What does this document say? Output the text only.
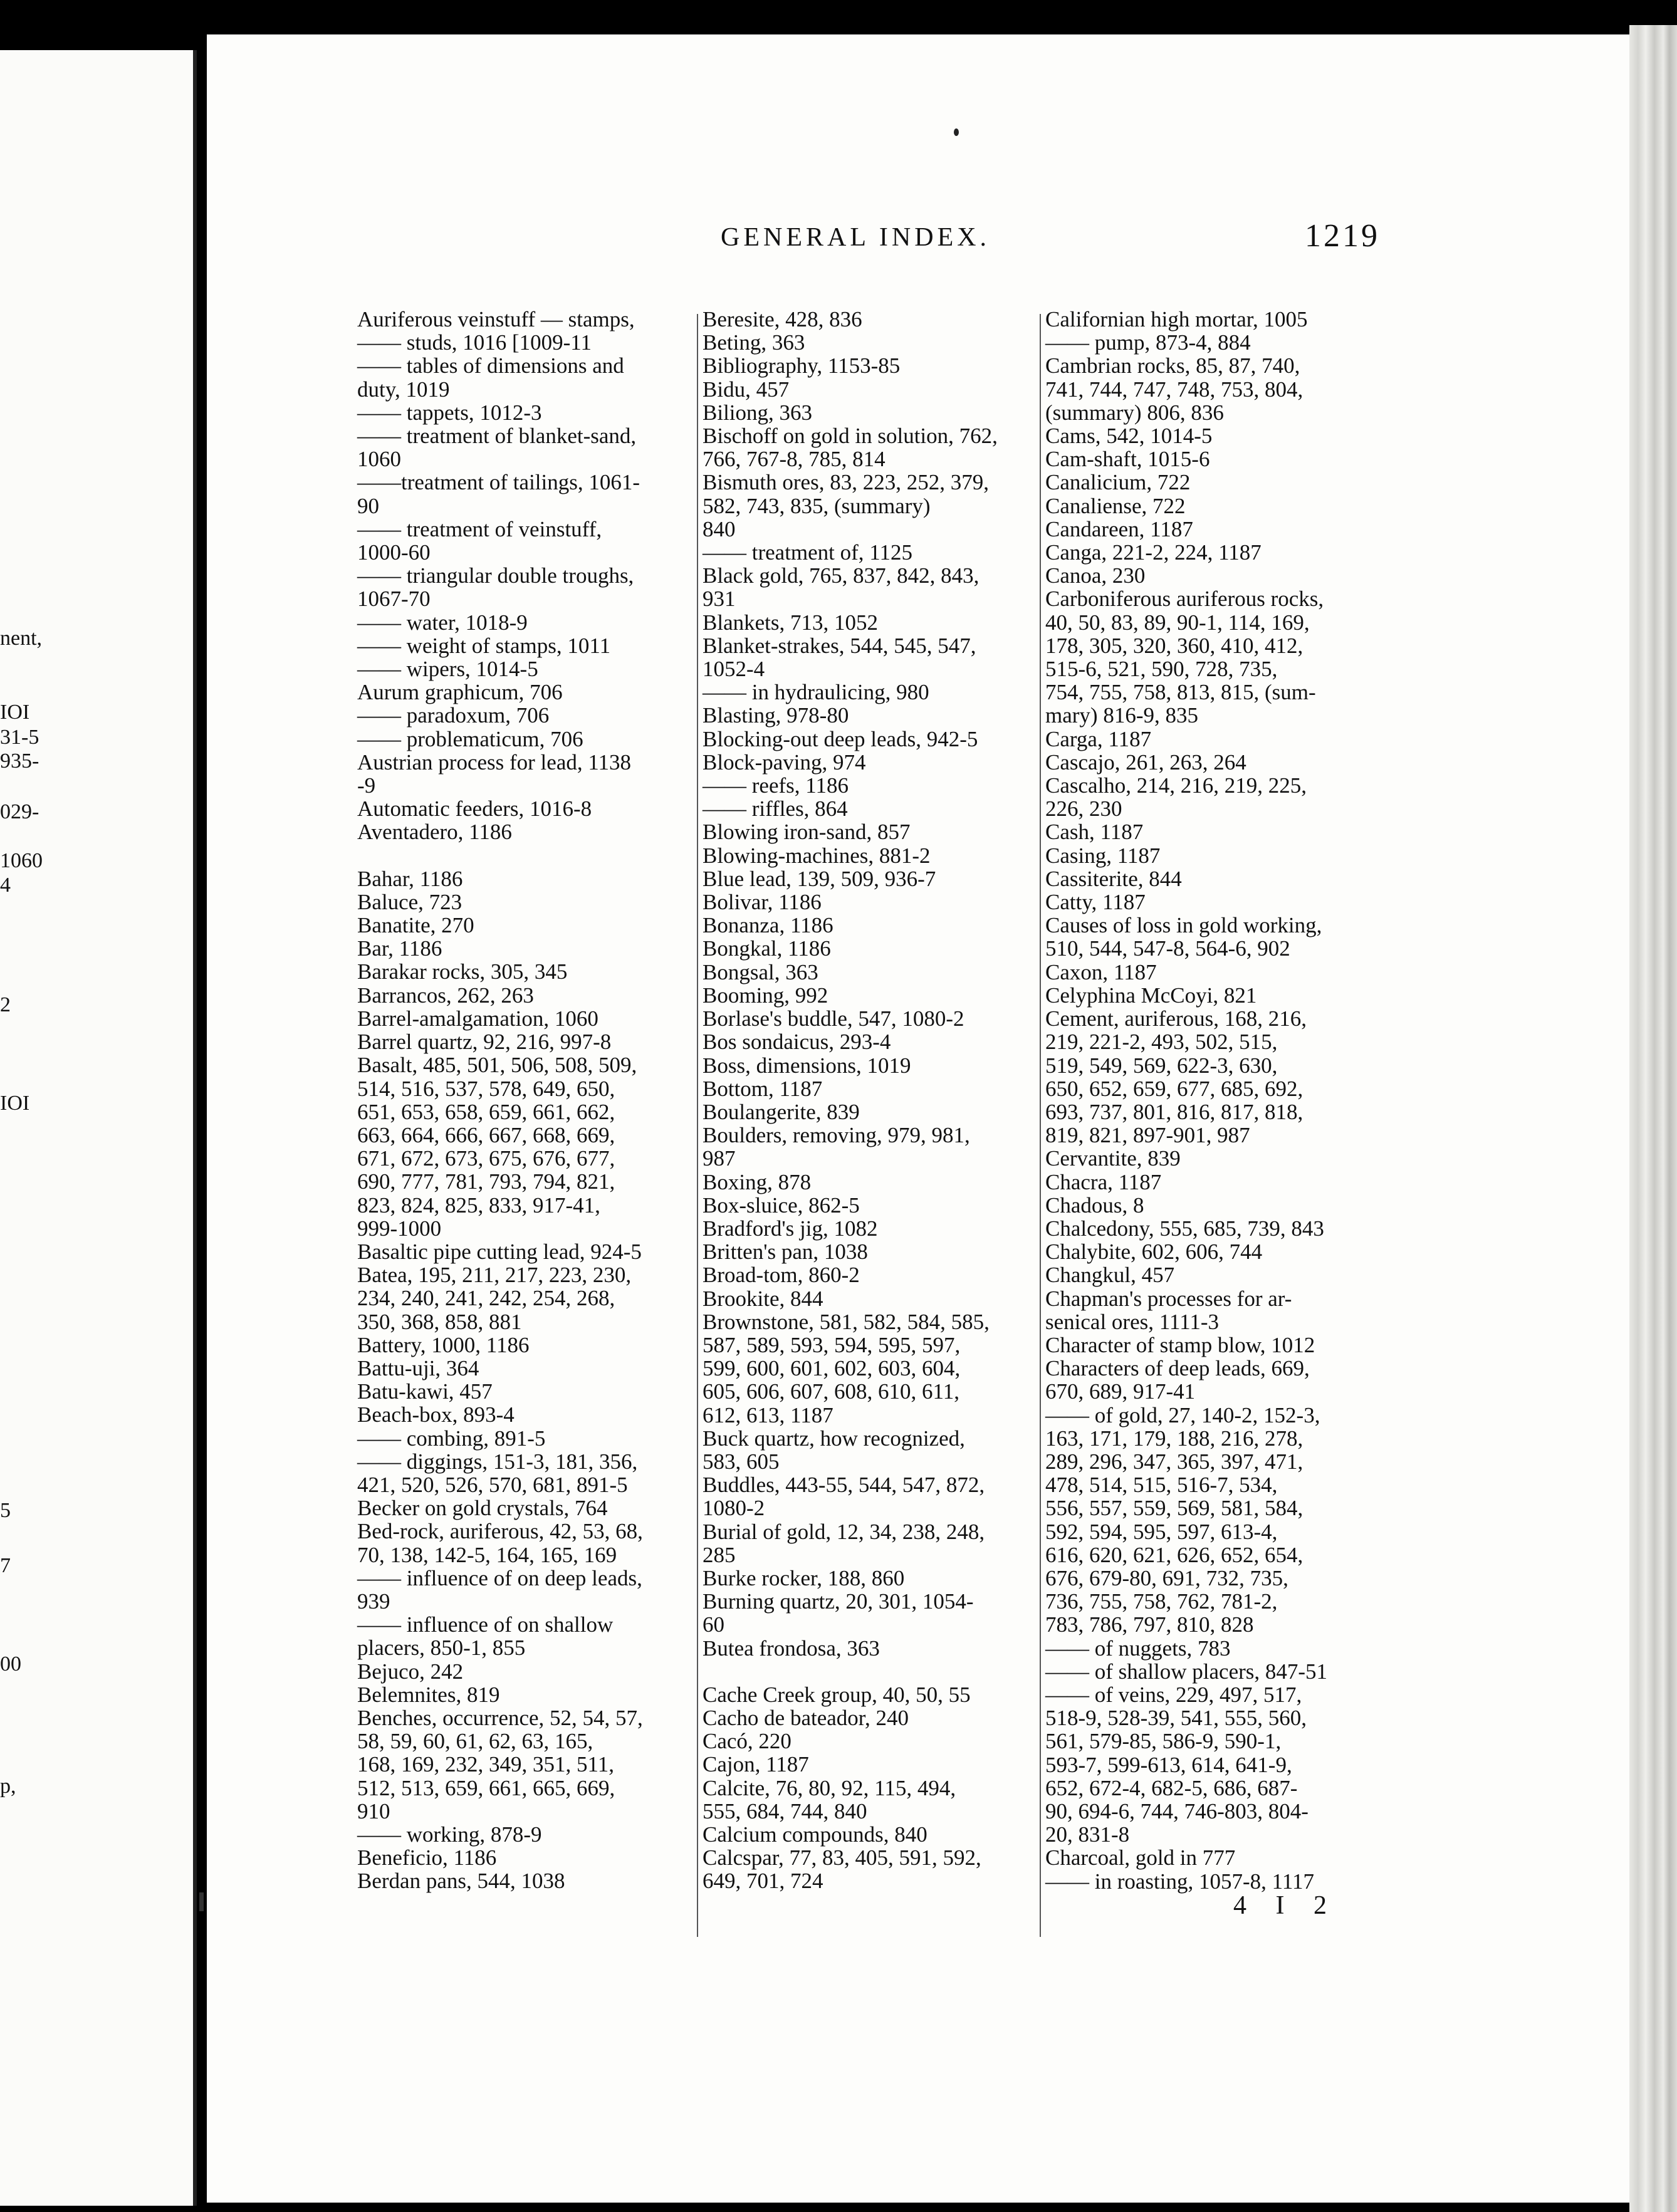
nent,
IOI
31-5
935-
029-
1060
4
2
IOI
5
7
00
p,
GENERAL INDEX.	1219
Auriferous veinstuff — stamps,
—— studs, 1016 [1009-11
—— tables of dimensions and
duty, 1019
—— tappets, 1012-3
—— treatment of blanket-sand,
1060
——treatment of tailings, 1061-
90
—— treatment of veinstuff,
1000-60
—— triangular double troughs,
1067-70
—— water, 1018-9
—— weight of stamps, 1011
—— wipers, 1014-5
Aurum graphicum, 706
—— paradoxum, 706
—— problematicum, 706
Austrian process for lead, 1138
-9
Automatic feeders, 1016-8
Aventadero, 1186
Bahar, 1186
Baluce, 723
Banatite, 270
Bar, 1186
Barakar rocks, 305, 345
Barrancos, 262, 263
Barrel-amalgamation, 1060
Barrel quartz, 92, 216, 997-8
Basalt, 485, 501, 506, 508, 509,
514, 516, 537, 578, 649, 650,
651, 653, 658, 659, 661, 662,
663, 664, 666, 667, 668, 669,
671, 672, 673, 675, 676, 677,
690, 777, 781, 793, 794, 821,
823, 824, 825, 833, 917-41,
999-1000
Basaltic pipe cutting lead, 924-5
Batea, 195, 211, 217, 223, 230,
234, 240, 241, 242, 254, 268,
350, 368, 858, 881
Battery, 1000, 1186
Battu-uji, 364
Batu-kawi, 457
Beach-box, 893-4
—— combing, 891-5
—— diggings, 151-3, 181, 356,
421, 520, 526, 570, 681, 891-5
Becker on gold crystals, 764
Bed-rock, auriferous, 42, 53, 68,
70, 138, 142-5, 164, 165, 169
—— influence of on deep leads,
939
—— influence of on shallow
placers, 850-1, 855
Bejuco, 242
Belemnites, 819
Benches, occurrence, 52, 54, 57,
58, 59, 60, 61, 62, 63, 165,
168, 169, 232, 349, 351, 511,
512, 513, 659, 661, 665, 669,
910
—— working, 878-9
Beneficio, 1186
Berdan pans, 544, 1038
Beresite, 428, 836
Beting, 363
Bibliography, 1153-85
Bidu, 457
Biliong, 363
Bischoff on gold in solution, 762,
766, 767-8, 785, 814
Bismuth ores, 83, 223, 252, 379,
582, 743, 835, (summary)
840
—— treatment of, 1125
Black gold, 765, 837, 842, 843,
931
Blankets, 713, 1052
Blanket-strakes, 544, 545, 547,
1052-4
—— in hydraulicing, 980
Blasting, 978-80
Blocking-out deep leads, 942-5
Block-paving, 974
—— reefs, 1186
—— riffles, 864
Blowing iron-sand, 857
Blowing-machines, 881-2
Blue lead, 139, 509, 936-7
Bolivar, 1186
Bonanza, 1186
Bongkal, 1186
Bongsal, 363
Booming, 992
Borlase's buddle, 547, 1080-2
Bos sondaicus, 293-4
Boss, dimensions, 1019
Bottom, 1187
Boulangerite, 839
Boulders, removing, 979, 981,
987
Boxing, 878
Box-sluice, 862-5
Bradford's jig, 1082
Britten's pan, 1038
Broad-tom, 860-2
Brookite, 844
Brownstone, 581, 582, 584, 585,
587, 589, 593, 594, 595, 597,
599, 600, 601, 602, 603, 604,
605, 606, 607, 608, 610, 611,
612, 613, 1187
Buck quartz, how recognized,
583, 605
Buddles, 443-55, 544, 547, 872,
1080-2
Burial of gold, 12, 34, 238, 248,
285
Burke rocker, 188, 860
Burning quartz, 20, 301, 1054-
60
Butea frondosa, 363
Cache Creek group, 40, 50, 55
Cacho de bateador, 240
Cacó, 220
Cajon, 1187
Calcite, 76, 80, 92, 115, 494,
555, 684, 744, 840
Calcium compounds, 840
Calcspar, 77, 83, 405, 591, 592,
649, 701, 724
Californian high mortar, 1005
—— pump, 873-4, 884
Cambrian rocks, 85, 87, 740,
741, 744, 747, 748, 753, 804,
(summary) 806, 836
Cams, 542, 1014-5
Cam-shaft, 1015-6
Canalicium, 722
Canaliense, 722
Candareen, 1187
Canga, 221-2, 224, 1187
Canoa, 230
Carboniferous auriferous rocks,
40, 50, 83, 89, 90-1, 114, 169,
178, 305, 320, 360, 410, 412,
515-6, 521, 590, 728, 735,
754, 755, 758, 813, 815, (sum-
mary) 816-9, 835
Carga, 1187
Cascajo, 261, 263, 264
Cascalho, 214, 216, 219, 225,
226, 230
Cash, 1187
Casing, 1187
Cassiterite, 844
Catty, 1187
Causes of loss in gold working,
510, 544, 547-8, 564-6, 902
Caxon, 1187
Celyphina McCoyi, 821
Cement, auriferous, 168, 216,
219, 221-2, 493, 502, 515,
519, 549, 569, 622-3, 630,
650, 652, 659, 677, 685, 692,
693, 737, 801, 816, 817, 818,
819, 821, 897-901, 987
Cervantite, 839
Chacra, 1187
Chadous, 8
Chalcedony, 555, 685, 739, 843
Chalybite, 602, 606, 744
Changkul, 457
Chapman's processes for ar-
senical ores, 1111-3
Character of stamp blow, 1012
Characters of deep leads, 669,
670, 689, 917-41
—— of gold, 27, 140-2, 152-3,
163, 171, 179, 188, 216, 278,
289, 296, 347, 365, 397, 471,
478, 514, 515, 516-7, 534,
556, 557, 559, 569, 581, 584,
592, 594, 595, 597, 613-4,
616, 620, 621, 626, 652, 654,
676, 679-80, 691, 732, 735,
736, 755, 758, 762, 781-2,
783, 786, 797, 810, 828
—— of nuggets, 783
—— of shallow placers, 847-51
—— of veins, 229, 497, 517,
518-9, 528-39, 541, 555, 560,
561, 579-85, 586-9, 590-1,
593-7, 599-613, 614, 641-9,
652, 672-4, 682-5, 686, 687-
90, 694-6, 744, 746-803, 804-
20, 831-8
Charcoal, gold in 777
—— in roasting, 1057-8, 1117
4 I 2
